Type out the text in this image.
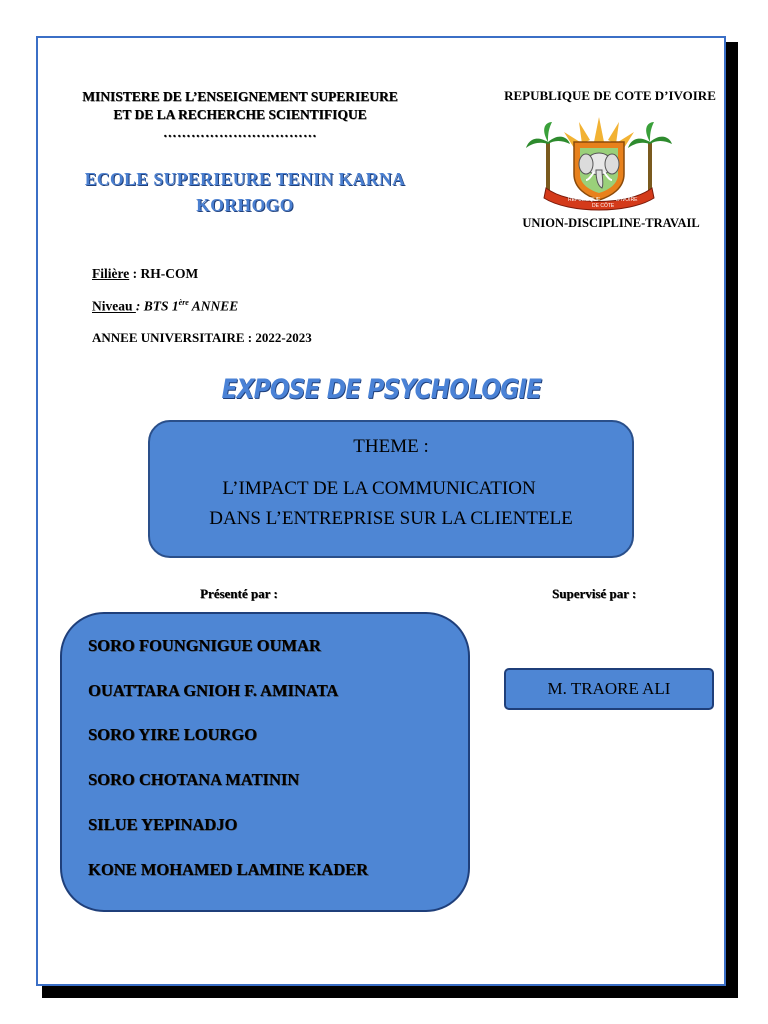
MINISTERE DE L’ENSEIGNEMENT SUPERIEURE
ET DE LA RECHERCHE SCIENTIFIQUE
……………………………
REPUBLIQUE DE COTE D’IVOIRE
RÉPUBLIQUE
DE CÔTE
D'IVOIRE
UNION-DISCIPLINE-TRAVAIL
ECOLE SUPERIEURE TENIN KARNA
KORHOGO
Filière : RH-COM
Niveau : BTS 1ère ANNEE
ANNEE UNIVERSITAIRE : 2022-2023
EXPOSE DE PSYCHOLOGIE
THEME :
L’IMPACT DE LA COMMUNICATION
DANS L’ENTREPRISE SUR LA CLIENTELE
Présenté par :	Supervisé par :
SORO FOUNGNIGUE OUMAR
OUATTARA GNIOH F. AMINATA
SORO YIRE LOURGO
SORO CHOTANA MATININ
SILUE YEPINADJO
KONE MOHAMED LAMINE KADER
M. TRAORE ALI
